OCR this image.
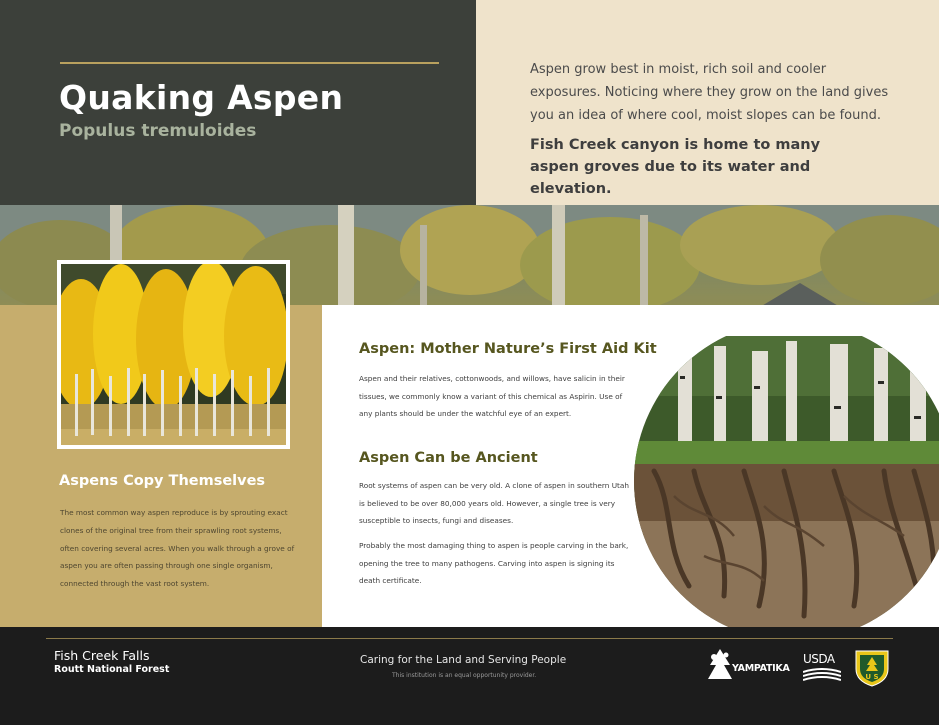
Quaking Aspen
Populus tremuloides
Aspen grow best in moist, rich soil and cooler exposures. Noticing where they grow on the land gives you an idea of where cool, moist slopes can be found.
Fish Creek canyon is home to many aspen groves due to its water and elevation.
Aspens Copy Themselves
The most common way aspen reproduce is by sprouting exact clones of the original tree from their sprawling root systems, often covering several acres. When you walk through a grove of aspen you are often passing through one single organism, connected through the vast root system.
Aspen: Mother Nature’s First Aid Kit
Aspen and their relatives, cottonwoods, and willows, have salicin in their tissues, we commonly know a variant of this chemical as Aspirin. Use of any plants should be under the watchful eye of an expert.
Aspen Can be Ancient
Root systems of aspen can be very old. A clone of aspen in southern Utah is believed to be over 80,000 years old. However, a single tree is very susceptible to insects, fungi and diseases.
Probably the most damaging thing to aspen is people carving in the bark, opening the tree to many pathogens. Carving into aspen is signing its death certificate.
Fish Creek Falls
Routt National Forest
Caring for the Land and Serving People
This institution is an equal opportunity provider.
YAMPATIKA
USDA
U S
